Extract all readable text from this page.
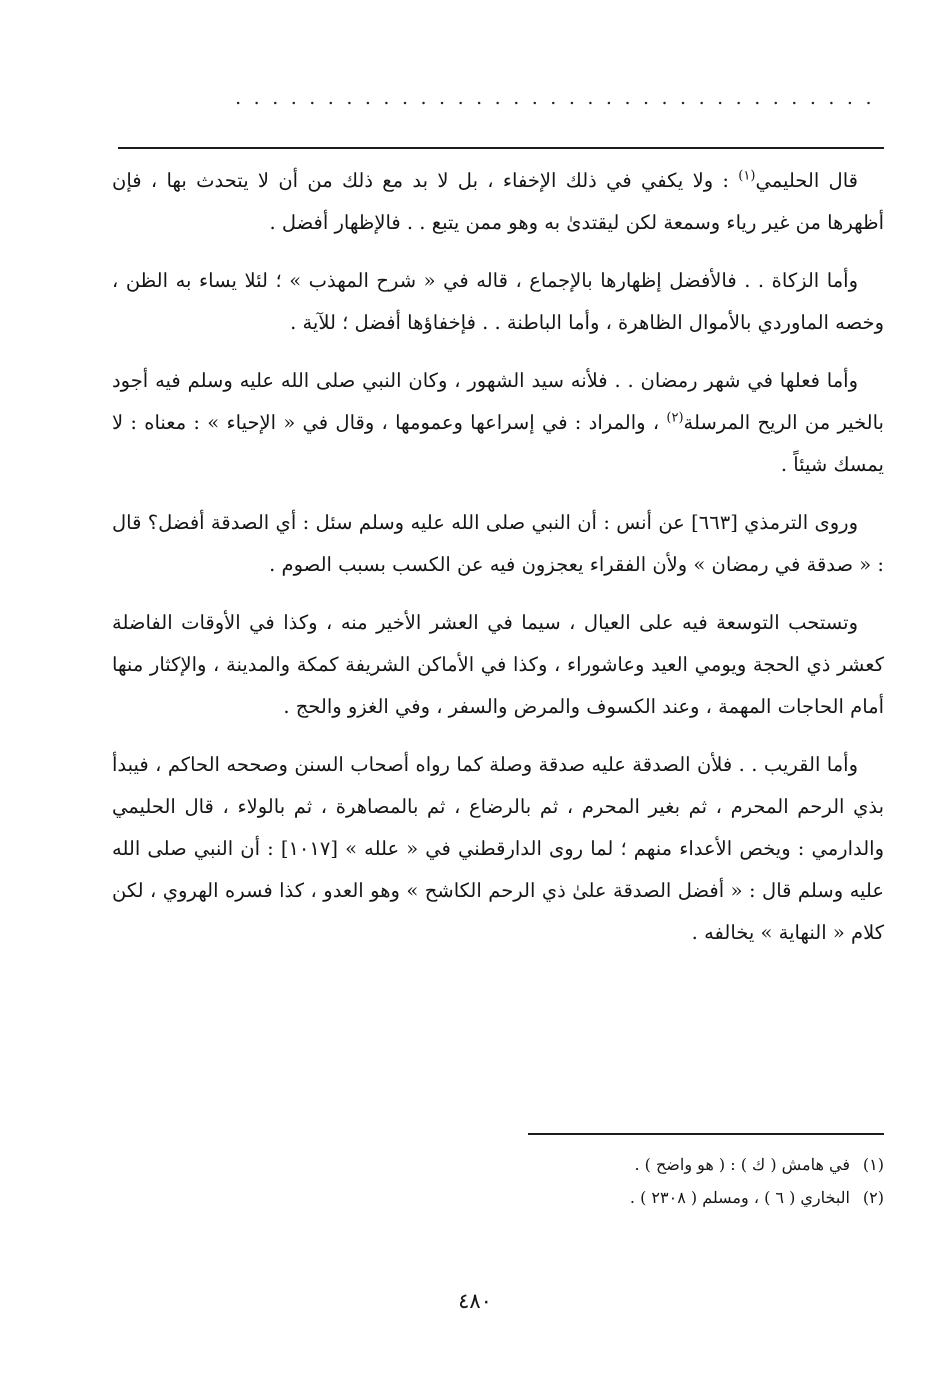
...................................

قال الحليمي$^{(١)}$ : ولا يكفي في ذلك الإخفاء ، بل لا بد مع ذلك من أن لا يتحدث بها ، فإن أظهرها من غير رياء وسمعة لكن ليقتدىٰ به وهو ممن يتبع . . فالإظهار أفضل .

وأما الزكاة . . فالأفضل إظهارها بالإجماع ، قاله في « شرح المهذب » ؛ لئلا يساء به الظن ، وخصه الماوردي بالأموال الظاهرة ، وأما الباطنة . . فإخفاؤها أفضل ؛ للآية .

وأما فعلها في شهر رمضان . . فلأنه سيد الشهور ، وكان النبي صلى الله عليه وسلم فيه أجود بالخير من الريح المرسلة$^{(٢)}$ ، والمراد : في إسراعها وعمومها ، وقال في « الإحياء » : معناه : لا يمسك شيئاً .

وروى الترمذي [٦٦٣] عن أنس : أن النبي صلى الله عليه وسلم سئل : أي الصدقة أفضل؟ قال : « صدقة في رمضان » ولأن الفقراء يعجزون فيه عن الكسب بسبب الصوم .

وتستحب التوسعة فيه على العيال ، سيما في العشر الأخير منه ، وكذا في الأوقات الفاضلة كعشر ذي الحجة ويومي العيد وعاشوراء ، وكذا في الأماكن الشريفة كمكة والمدينة ، والإكثار منها أمام الحاجات المهمة ، وعند الكسوف والمرض والسفر ، وفي الغزو والحج .

وأما القريب . . فلأن الصدقة عليه صدقة وصلة كما رواه أصحاب السنن وصححه الحاكم ، فيبدأ بذي الرحم المحرم ، ثم بغير المحرم ، ثم بالرضاع ، ثم بالمصاهرة ، ثم بالولاء ، قال الحليمي والدارمي : ويخص الأعداء منهم ؛ لما روى الدارقطني في « علله » [١٠١٧] : أن النبي صلى الله عليه وسلم قال : « أفضل الصدقة علىٰ ذي الرحم الكاشح » وهو العدو ، كذا فسره الهروي ، لكن كلام « النهاية » يخالفه .

(١)في هامش ( ك ) : ( هو واضح ) .
(٢)البخاري ( ٦ ) ، ومسلم ( ٢٣٠٨ ) .
٤٨٠
